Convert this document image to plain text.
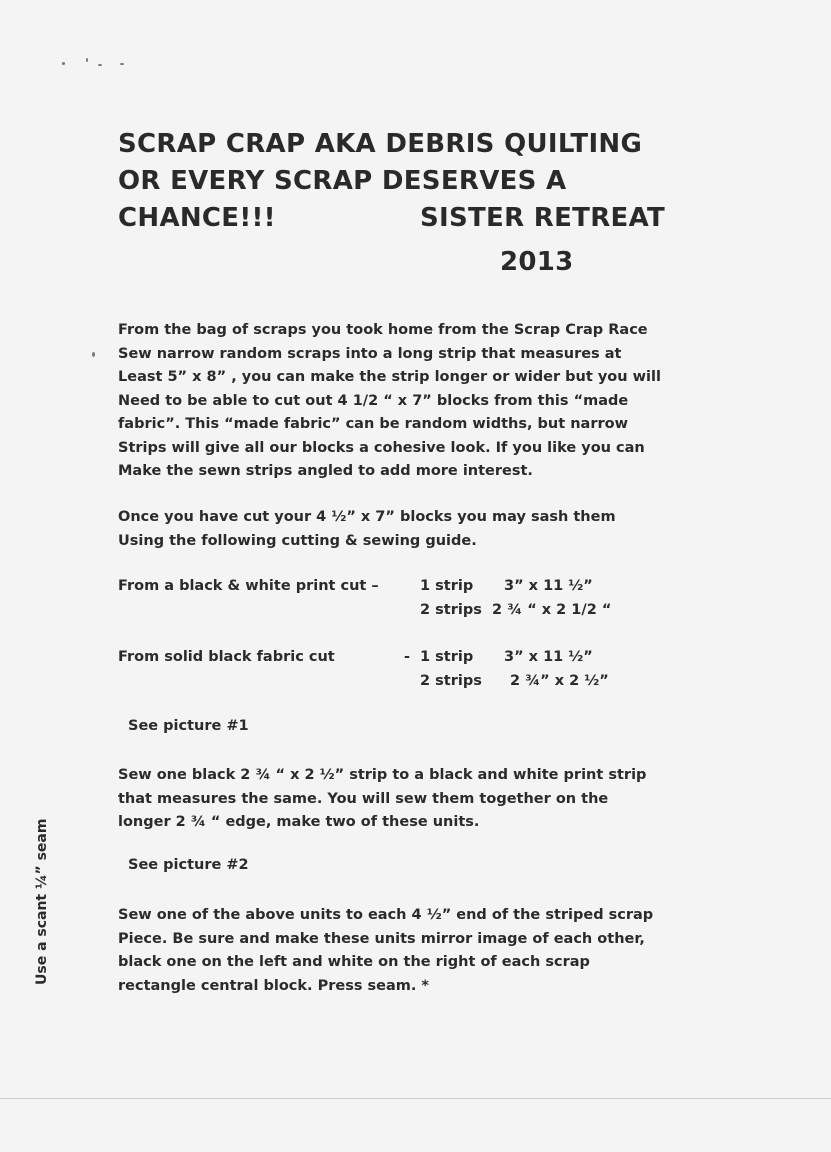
SCRAP CRAP AKA DEBRIS QUILTING
OR EVERY SCRAP DESERVES A
CHANCE!!!	SISTER RETREAT
2013
From the bag of scraps you took home from the Scrap Crap Race
Sew narrow random scraps into a long strip that measures at
Least 5” x 8” , you can make the strip longer or wider but you will
Need to be able to cut out 4 1/2 “ x 7” blocks from this “made
fabric”. This “made fabric” can be random widths, but narrow
Strips will give all our blocks a cohesive look. If you like you can
Make the sewn strips angled to add more interest.
Once you have cut your 4 ½” x 7” blocks you may sash them
Using the following cutting & sewing guide.
From a black & white print cut –	1 strip 3” x 11 ½”
2 strips 2 ¾ “ x 2 1/2 “
From solid black fabric cut	- 1 strip 3” x 11 ½”
2 strips 2 ¾” x 2 ½”
See picture #1
Sew one black 2 ¾ “ x 2 ½” strip to a black and white print strip
that measures the same. You will sew them together on the
longer 2 ¾ “ edge, make two of these units.
See picture #2
Sew one of the above units to each 4 ½” end of the striped scrap
Piece. Be sure and make these units mirror image of each other,
black one on the left and white on the right of each scrap
rectangle central block. Press seam. *
Use a scant ¼” seam
